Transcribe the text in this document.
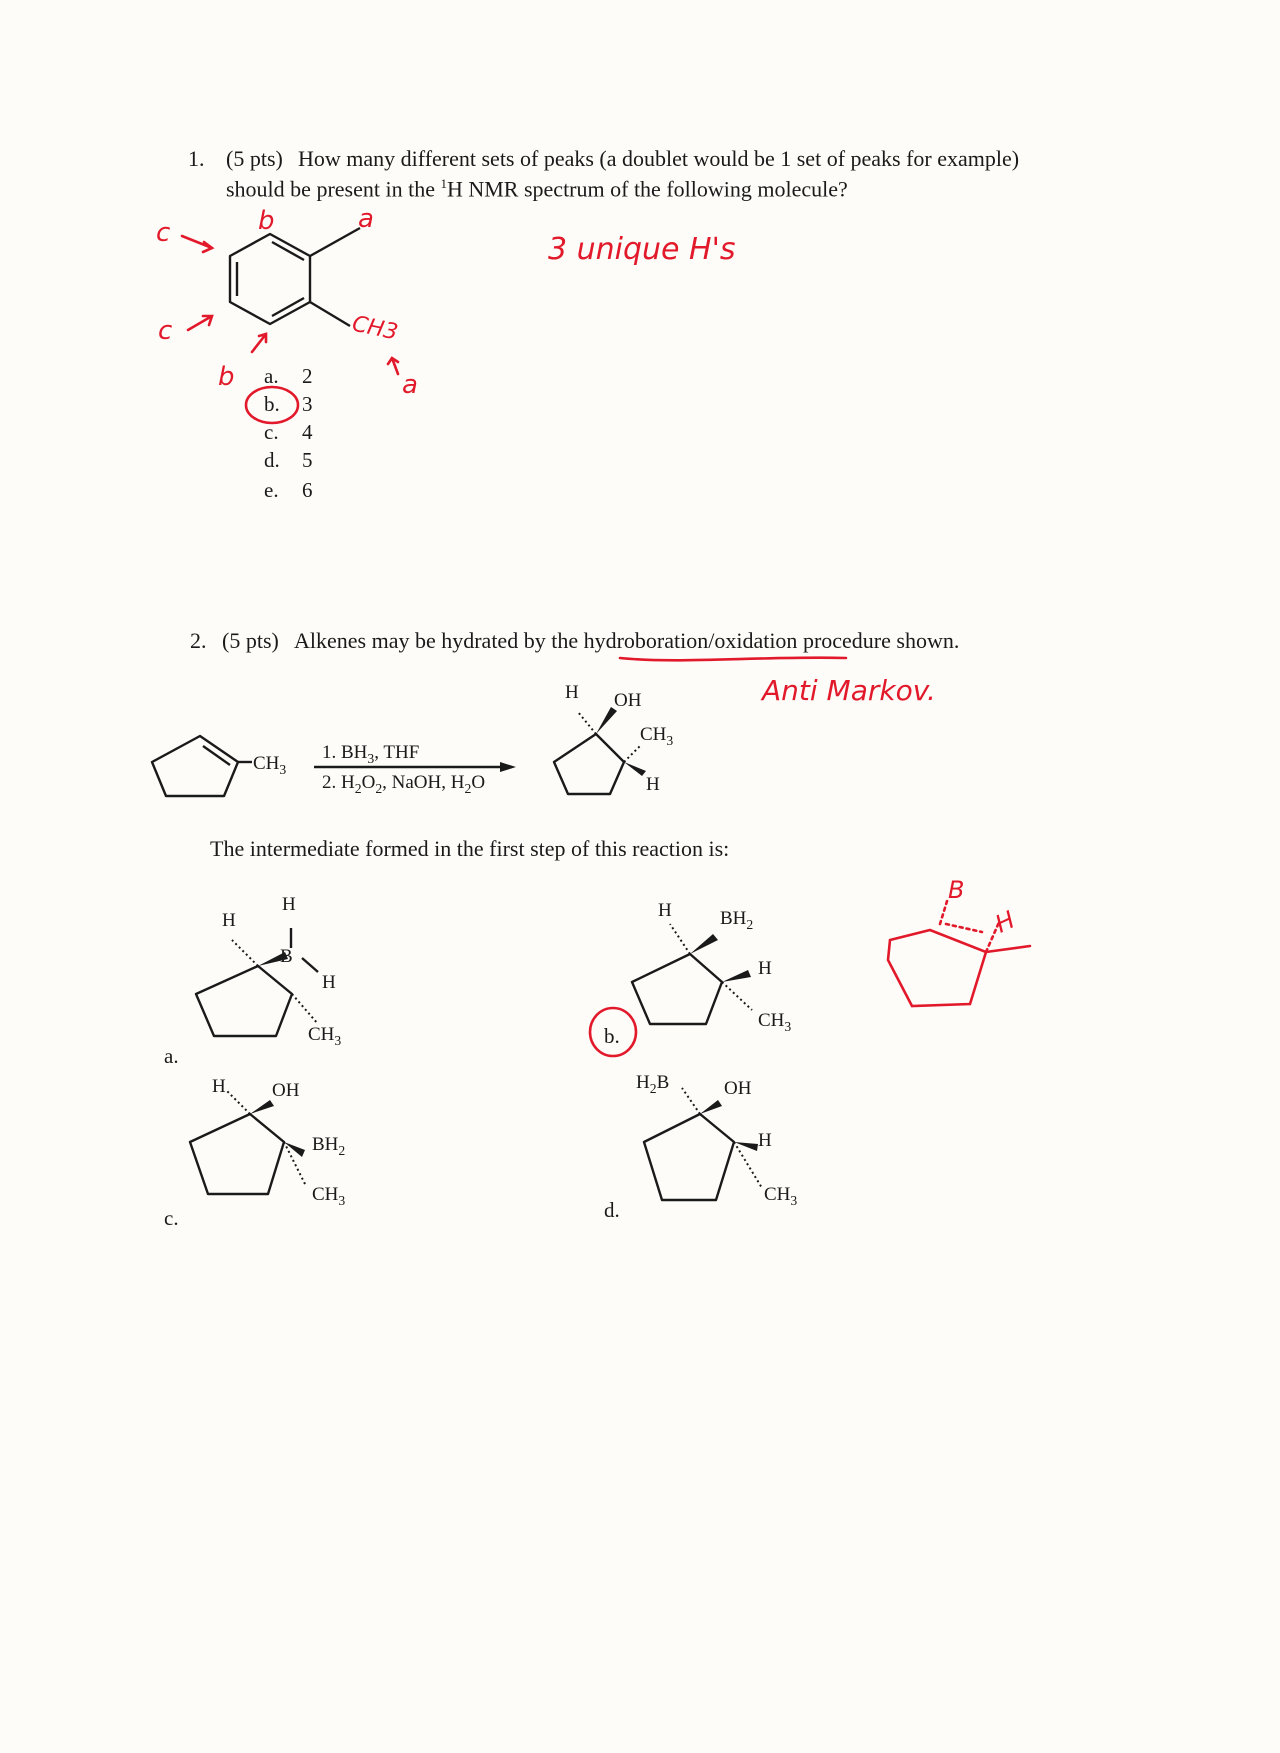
1. (5 pts) How many different sets of peaks (a doublet would be 1 set of peaks for example)
should be present in the $^1$H NMR spectrum of the following molecule?
c	b	a
c
b	a
CH3
3 unique H's
a. 2
b. 3
c. 4
d. 5
e. 6
2. (5 pts) Alkenes may be hydrated by the hydroboration/oxidation procedure shown.
Anti Markov.
$CH_3$
1. $BH_3$, THF
2. $H_2O_2$, NaOH, $H_2O$
H OH
$CH_3$
H
The intermediate formed in the first step of this reaction is:
H
H
B
H
$CH_3$
a.
H	$BH_2$
H
$CH_3$
b.
H OH
$BH_2$
$CH_3$
c.
$H_2B$	OH
H
$CH_3$
d.
B
H
